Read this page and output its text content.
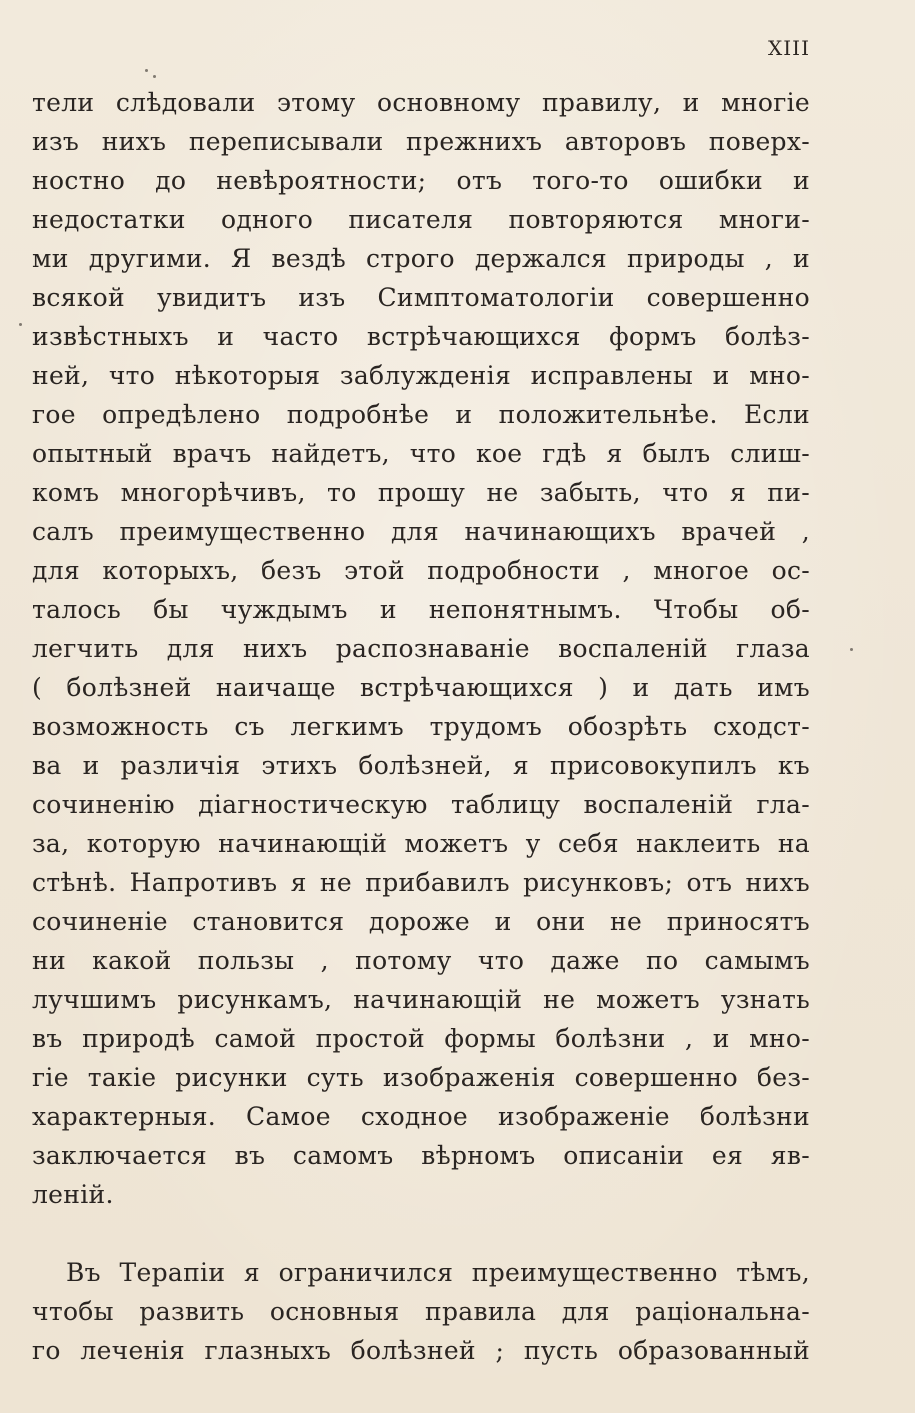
XIII
тели слѣдовали этому основному правилу, и многіе
изъ нихъ переписывали прежнихъ авторовъ поверх-
ностно до невѣроятности; отъ того-то ошибки и
недостатки одного писателя повторяются многи-
ми другими. Я вездѣ строго держался природы , и
всякой увидитъ изъ Симптоматологіи совершенно
извѣстныхъ и часто встрѣчающихся формъ болѣз-
ней, что нѣкоторыя заблужденія исправлены и мно-
гое опредѣлено подробнѣе и положительнѣе. Если
опытный врачъ найдетъ, что кое гдѣ я былъ слиш-
комъ многорѣчивъ, то прошу не забыть, что я пи-
салъ преимущественно для начинающихъ врачей ,
для которыхъ, безъ этой подробности , многое ос-
талось бы чуждымъ и непонятнымъ. Чтобы об-
легчить для нихъ распознаваніе воспаленій глаза
( болѣзней наичаще встрѣчающихся ) и дать имъ
возможность съ легкимъ трудомъ обозрѣть сходст-
ва и различія этихъ болѣзней, я присовокупилъ къ
сочиненію діагностическую таблицу воспаленій гла-
за, которую начинающій можетъ у себя наклеить на
стѣнѣ. Напротивъ я не прибавилъ рисунковъ; отъ нихъ
сочиненіе становится дороже и они не приносятъ
ни какой пользы , потому что даже по самымъ
лучшимъ рисункамъ, начинающій не можетъ узнать
въ природѣ самой простой формы болѣзни , и мно-
гіе такіе рисунки суть изображенія совершенно без-
характерныя. Самое сходное изображеніе болѣзни
заключается въ самомъ вѣрномъ описаніи ея яв-
леній.
Въ Терапіи я ограничился преимущественно тѣмъ,
чтобы развить основныя правила для раціональна-
го леченія глазныхъ болѣзней ; пусть образованный
